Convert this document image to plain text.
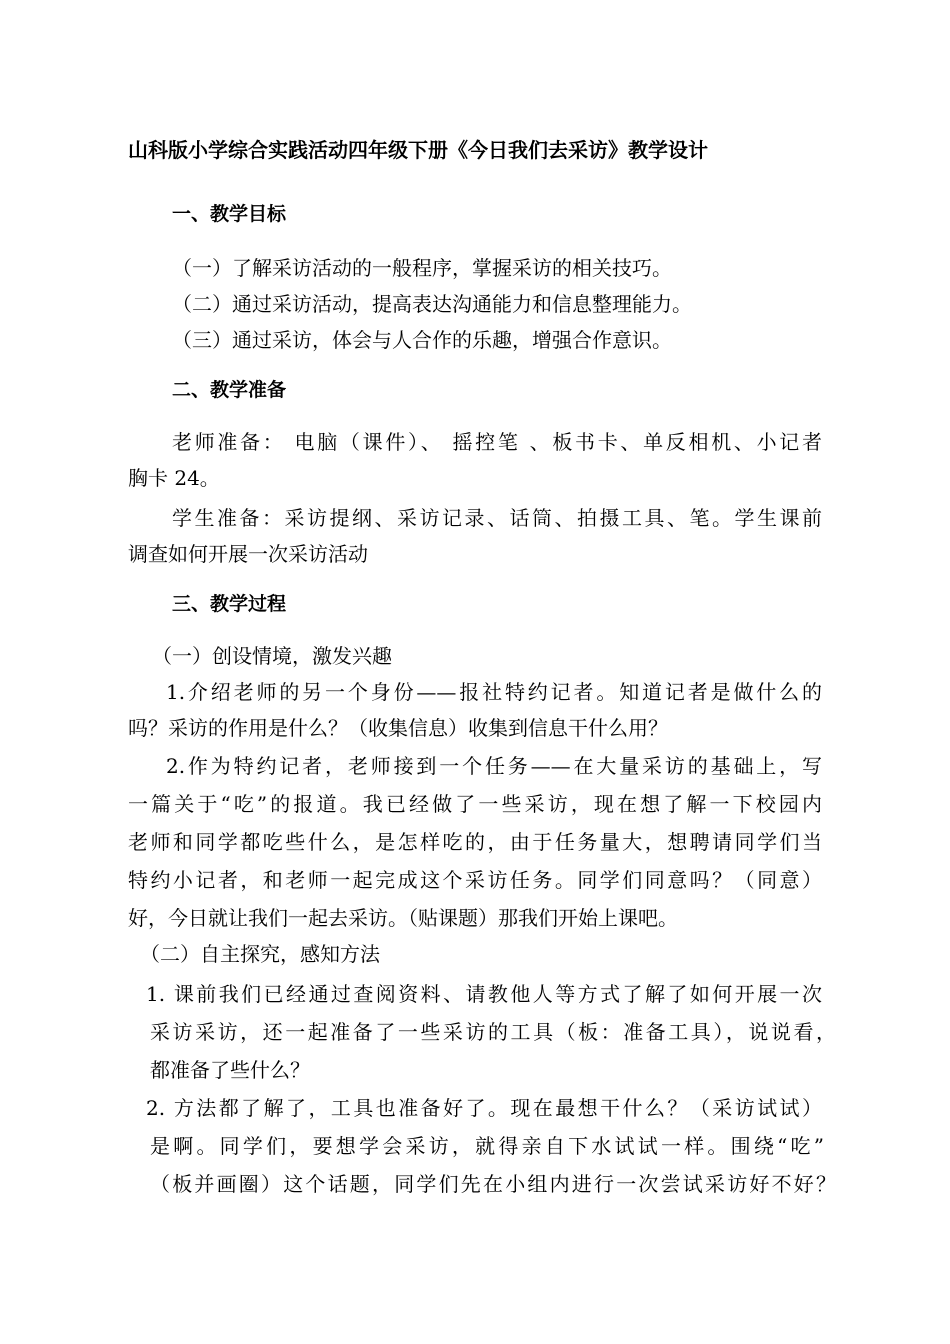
山科版小学综合实践活动四年级下册《今日我们去采访》教学设计
一、教学目标
（一）了解采访活动的一般程序，掌握采访的相关技巧。
（二）通过采访活动，提高表达沟通能力和信息整理能力。
（三）通过采访，体会与人合作的乐趣，增强合作意识。
二、教学准备
老师准备： 电脑（课件）、 摇控笔 、板书卡、单反相机、小记者
胸卡 24。
学生准备：采访提纲、采访记录、话筒、拍摄工具、笔。学生课前
调查如何开展一次采访活动
三、教学过程
（一）创设情境，激发兴趣
1.介绍老师的另一个身份——报社特约记者。知道记者是做什么的
吗？采访的作用是什么？（收集信息）收集到信息干什么用？
2.作为特约记者，老师接到一个任务——在大量采访的基础上，写
一篇关于“吃”的报道。我已经做了一些采访，现在想了解一下校园内
老师和同学都吃些什么，是怎样吃的，由于任务量大，想聘请同学们当
特约小记者，和老师一起完成这个采访任务。同学们同意吗？（同意）
好，今日就让我们一起去采访。（贴课题）那我们开始上课吧。
（二）自主探究，感知方法
1. 课前我们已经通过查阅资料、请教他人等方式了解了如何开展一次
采访采访，还一起准备了一些采访的工具（板：准备工具），说说看，
都准备了些什么？
2. 方法都了解了，工具也准备好了。现在最想干什么？（采访试试）
是啊。同学们，要想学会采访，就得亲自下水试试一样。围绕“吃”
（板并画圈）这个话题，同学们先在小组内进行一次尝试采访好不好？
